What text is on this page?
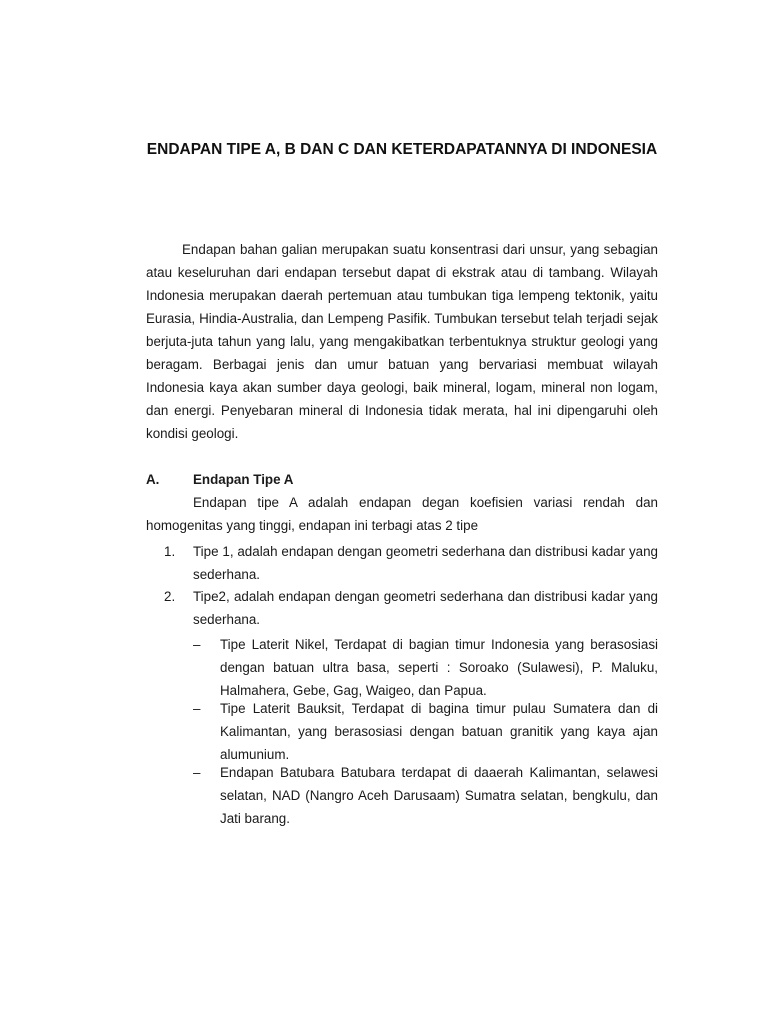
ENDAPAN TIPE A, B DAN C DAN KETERDAPATANNYA DI INDONESIA

Endapan bahan galian merupakan suatu konsentrasi dari unsur, yang sebagian atau keseluruhan dari endapan tersebut dapat di ekstrak atau di tambang. Wilayah Indonesia merupakan daerah pertemuan atau tumbukan tiga lempeng tektonik, yaitu Eurasia, Hindia-Australia, dan Lempeng Pasifik. Tumbukan tersebut telah terjadi sejak berjuta-juta tahun yang lalu, yang mengakibatkan terbentuknya struktur geologi yang beragam. Berbagai jenis dan umur batuan yang bervariasi membuat wilayah Indonesia kaya akan sumber daya geologi, baik mineral, logam, mineral non logam, dan energi. Penyebaran mineral di Indonesia tidak merata, hal ini dipengaruhi oleh kondisi geologi.

A.	Endapan Tipe A

Endapan tipe A adalah endapan degan koefisien variasi rendah dan homogenitas yang tinggi, endapan ini terbagi atas 2 tipe

1.	Tipe 1, adalah endapan dengan geometri sederhana dan distribusi kadar yang sederhana.
2.	Tipe2, adalah endapan dengan geometri sederhana dan distribusi kadar yang sederhana.
–	Tipe Laterit Nikel, Terdapat di bagian timur Indonesia yang berasosiasi dengan batuan ultra basa, seperti : Soroako (Sulawesi), P. Maluku, Halmahera, Gebe, Gag, Waigeo, dan Papua.
–	Tipe Laterit Bauksit, Terdapat di bagina timur pulau Sumatera dan di Kalimantan, yang berasosiasi dengan batuan granitik yang kaya ajan alumunium.
–	Endapan Batubara Batubara terdapat di daaerah Kalimantan, selawesi selatan, NAD (Nangro Aceh Darusaam) Sumatra selatan, bengkulu, dan Jati barang.
